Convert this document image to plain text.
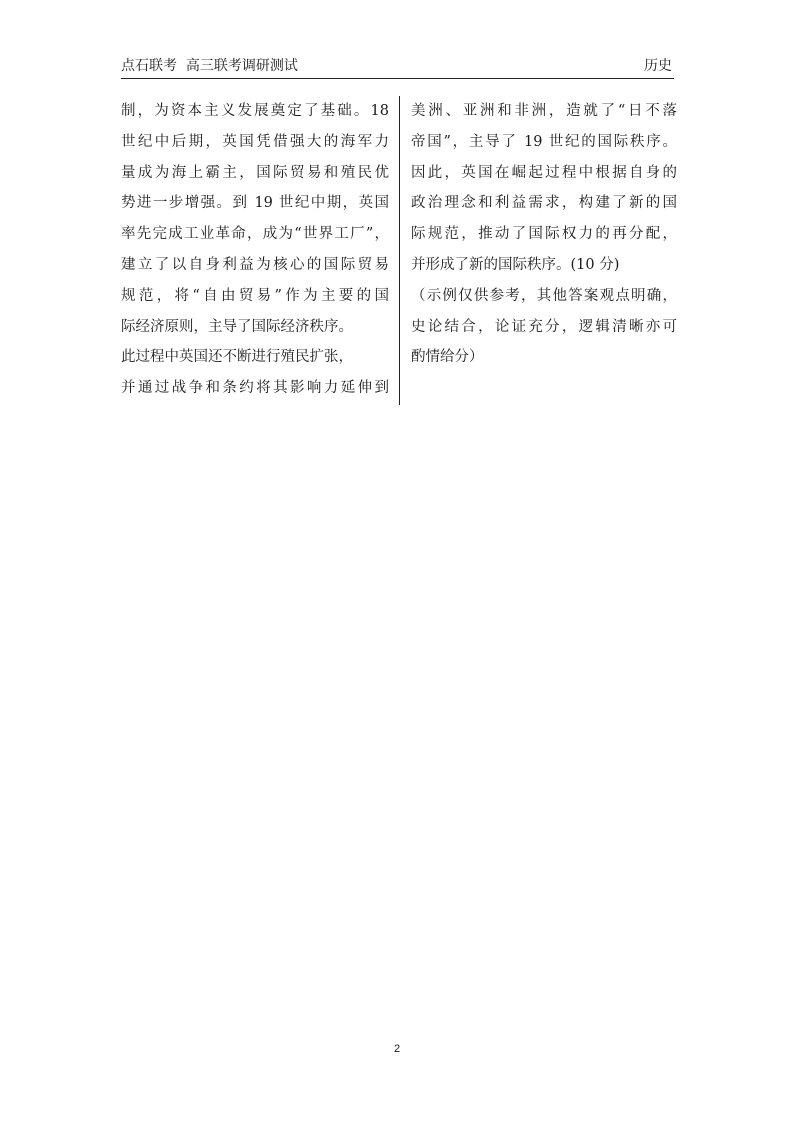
点石联考  高三联考调研测试	历史
制，为资本主义发展奠定了基础。18
世纪中后期，英国凭借强大的海军力
量成为海上霸主，国际贸易和殖民优
势进一步增强。到 19 世纪中期，英国
率先完成工业革命，成为“世界工厂”，
建立了以自身利益为核心的国际贸易
规范，将“自由贸易”作为主要的国
际经济原则，主导了国际经济秩序。
此过程中英国还不断进行殖民扩张，
并通过战争和条约将其影响力延伸到
美洲、亚洲和非洲，造就了“日不落
帝国”，主导了 19 世纪的国际秩序。
因此，英国在崛起过程中根据自身的
政治理念和利益需求，构建了新的国
际规范，推动了国际权力的再分配，
并形成了新的国际秩序。(10 分)
（示例仅供参考，其他答案观点明确，
史论结合，论证充分，逻辑清晰亦可
酌情给分）
2
